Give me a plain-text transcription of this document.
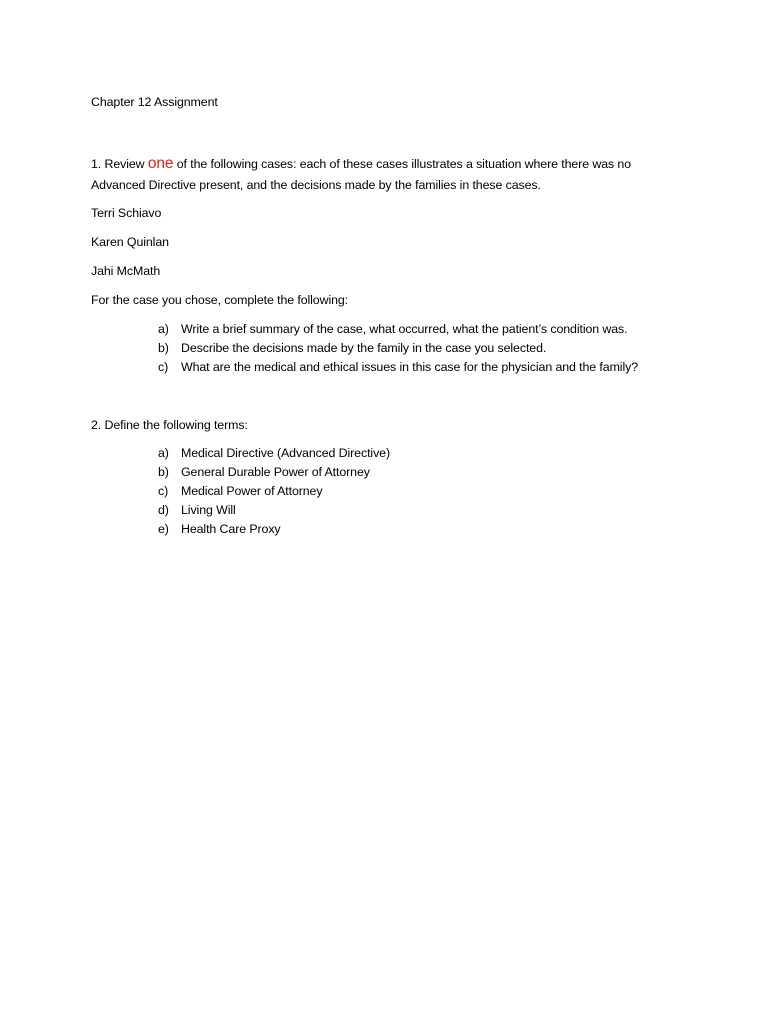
Chapter 12 Assignment
1. Review one of the following cases: each of these cases illustrates a situation where there was no
Advanced Directive present, and the decisions made by the families in these cases.
Terri Schiavo
Karen Quinlan
Jahi McMath
For the case you chose, complete the following:
a) Write a brief summary of the case, what occurred, what the patient’s condition was.
b) Describe the decisions made by the family in the case you selected.
c) What are the medical and ethical issues in this case for the physician and the family?
2. Define the following terms:
a) Medical Directive (Advanced Directive)
b) General Durable Power of Attorney
c) Medical Power of Attorney
d) Living Will
e) Health Care Proxy
